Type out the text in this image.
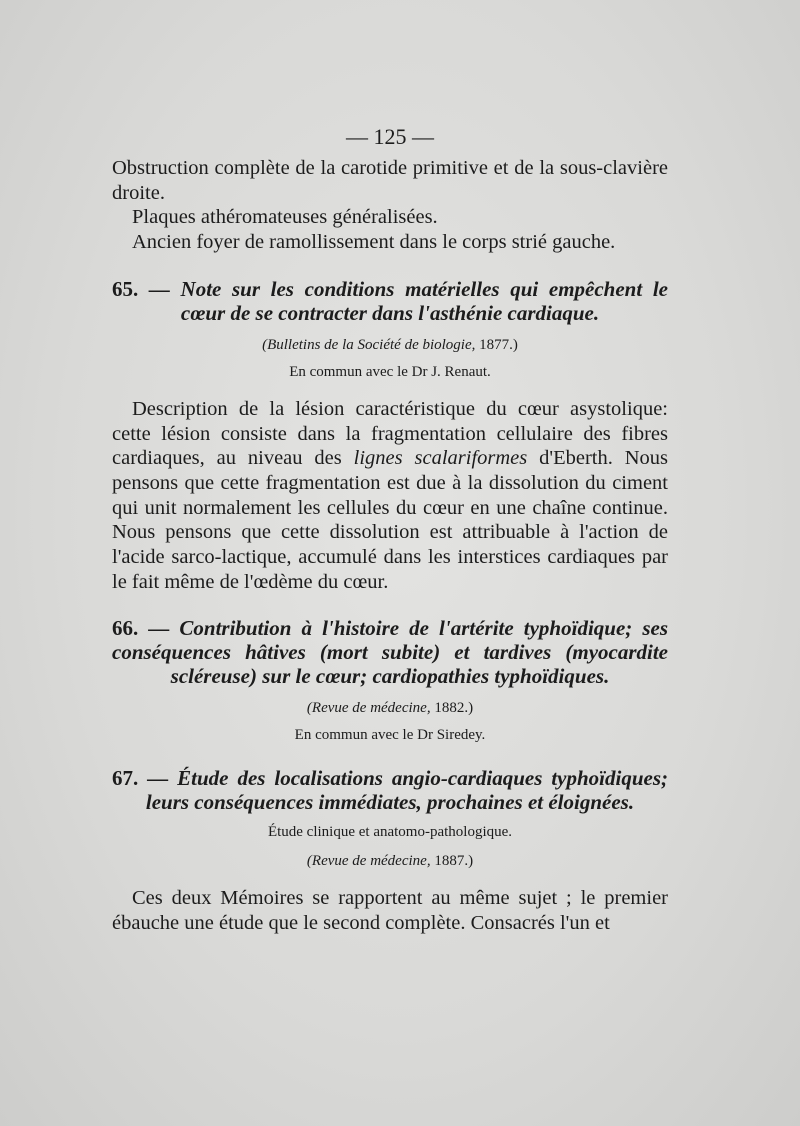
— 125 —

Obstruction complète de la carotide primitive et de la sous-clavière droite.

Plaques athéromateuses généralisées.

Ancien foyer de ramollissement dans le corps strié gauche.

65. — Note sur les conditions matérielles qui empêchent le cœur de se contracter dans l'asthénie cardiaque.

(Bulletins de la Société de biologie, 1877.)

En commun avec le Dr J. Renaut.

Description de la lésion caractéristique du cœur asystolique: cette lésion consiste dans la fragmentation cellulaire des fibres cardiaques, au niveau des lignes scalariformes d'Eberth. Nous pensons que cette fragmentation est due à la dissolution du ciment qui unit normalement les cellules du cœur en une chaîne continue. Nous pensons que cette dissolution est attribuable à l'action de l'acide sarco-lactique, accumulé dans les interstices cardiaques par le fait même de l'œdème du cœur.

66. — Contribution à l'histoire de l'artérite typhoïdique; ses conséquences hâtives (mort subite) et tardives (myocardite scléreuse) sur le cœur; cardiopathies typhoïdiques.

(Revue de médecine, 1882.)

En commun avec le Dr Siredey.

67. — Étude des localisations angio-cardiaques typhoïdiques; leurs conséquences immédiates, prochaines et éloignées.

Étude clinique et anatomo-pathologique.

(Revue de médecine, 1887.)

Ces deux Mémoires se rapportent au même sujet ; le premier ébauche une étude que le second complète. Consacrés l'un et
